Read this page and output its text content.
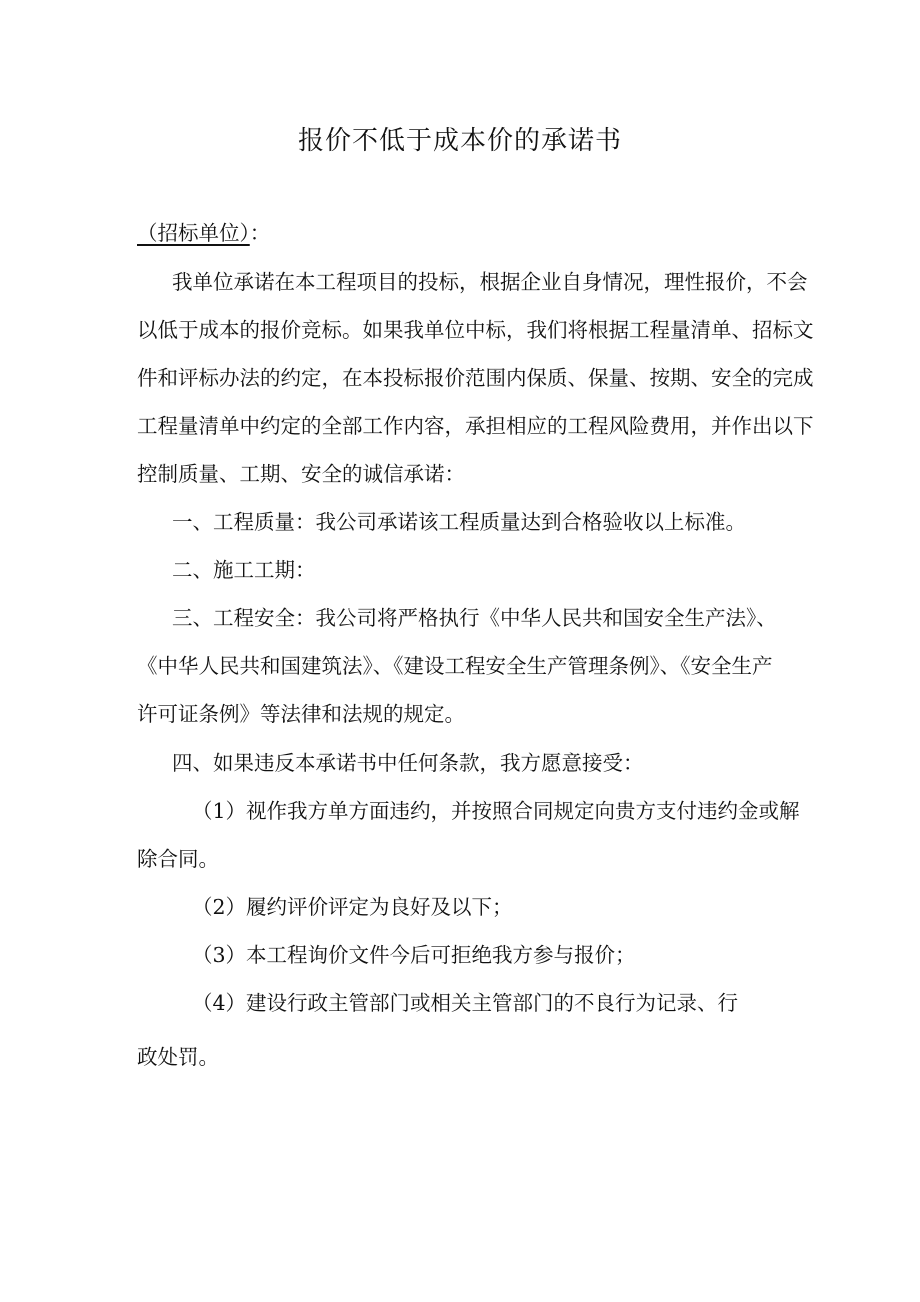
报价不低于成本价的承诺书
（招标单位）：

我单位承诺在本工程项目的投标，根据企业自身情况，理性报价，不会

以低于成本的报价竞标。如果我单位中标，我们将根据工程量清单、招标文

件和评标办法的约定，在本投标报价范围内保质、保量、按期、安全的完成

工程量清单中约定的全部工作内容，承担相应的工程风险费用，并作出以下

控制质量、工期、安全的诚信承诺：

一、工程质量：我公司承诺该工程质量达到合格验收以上标准。

二、施工工期：

三、工程安全：我公司将严格执行《中华人民共和国安全生产法》、

《中华人民共和国建筑法》、《建设工程安全生产管理条例》、《安全生产

许可证条例》等法律和法规的规定。

四、如果违反本承诺书中任何条款，我方愿意接受：

（1）视作我方单方面违约，并按照合同规定向贵方支付违约金或解

除合同。

（2）履约评价评定为良好及以下；

（3）本工程询价文件今后可拒绝我方参与报价；

（4）建设行政主管部门或相关主管部门的不良行为记录、行

政处罚。
